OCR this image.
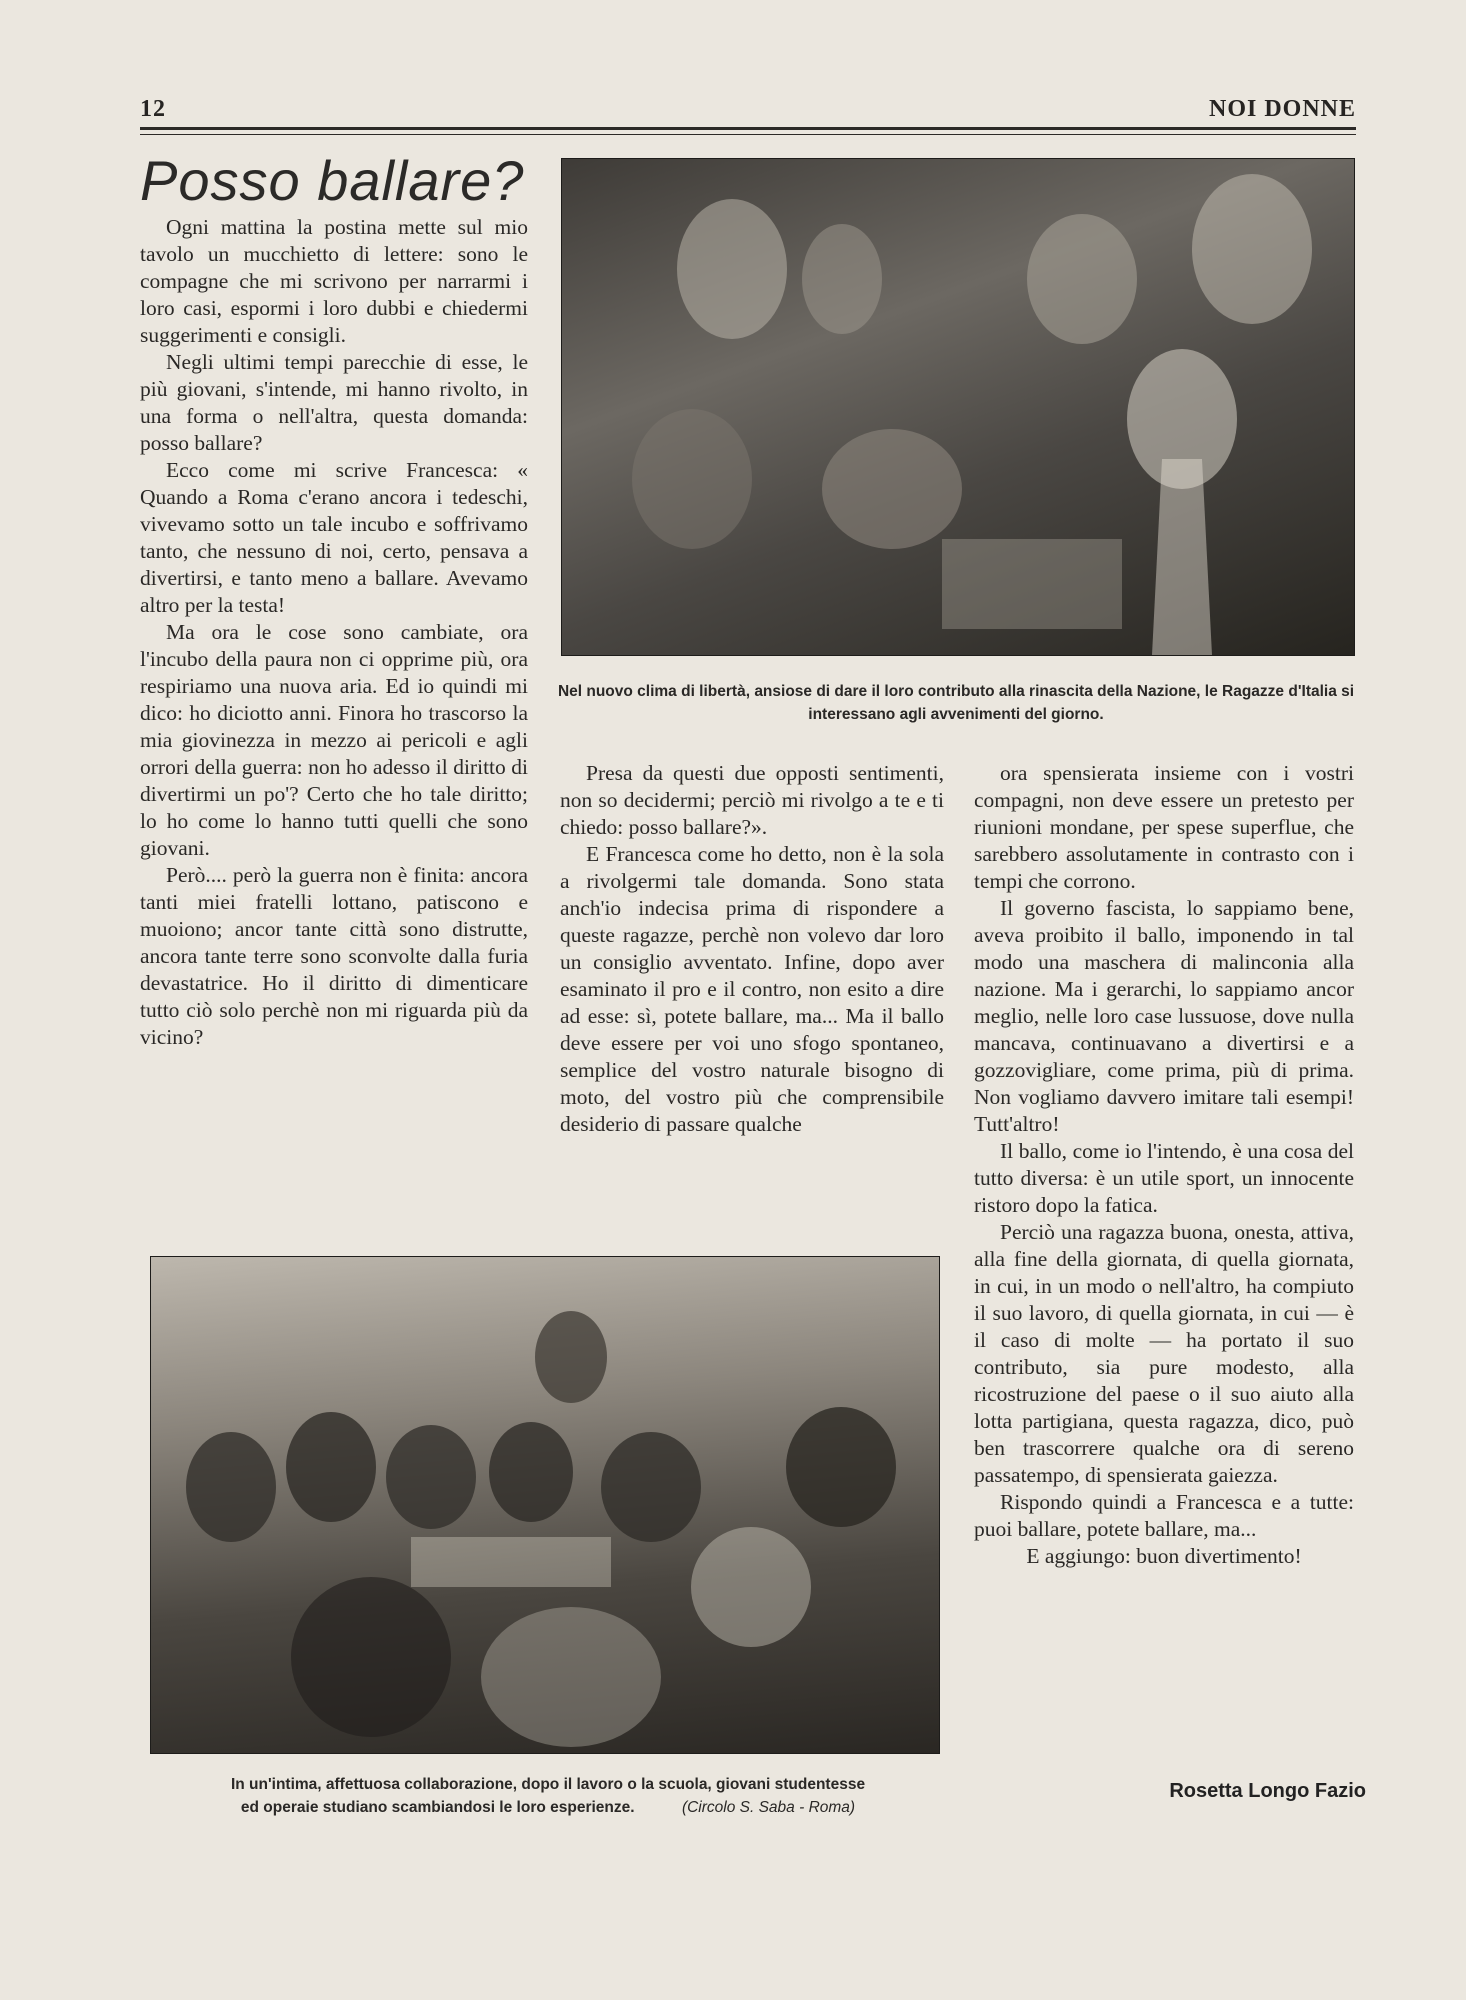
12	NOI DONNE
Posso ballare?

Ogni mattina la postina mette sul mio tavolo un mucchietto di lettere: sono le compagne che mi scrivono per narrarmi i loro casi, espormi i loro dubbi e chiedermi suggerimenti e consigli.

Negli ultimi tempi parecchie di esse, le più giovani, s'intende, mi hanno rivolto, in una forma o nell'altra, questa domanda: posso ballare?

Ecco come mi scrive Francesca: « Quando a Roma c'erano ancora i tedeschi, vivevamo sotto un tale incubo e soffrivamo tanto, che nessuno di noi, certo, pensava a divertirsi, e tanto meno a ballare. Avevamo altro per la testa!

Ma ora le cose sono cambiate, ora l'incubo della paura non ci opprime più, ora respiriamo una nuova aria. Ed io quindi mi dico: ho diciotto anni. Finora ho trascorso la mia giovinezza in mezzo ai pericoli e agli orrori della guerra: non ho adesso il diritto di divertirmi un po'? Certo che ho tale diritto; lo ho come lo hanno tutti quelli che sono giovani.

Però.... però la guerra non è finita: ancora tanti miei fratelli lottano, patiscono e muoiono; ancor tante città sono distrutte, ancora tante terre sono sconvolte dalla furia devastatrice. Ho il diritto di dimenticare tutto ciò solo perchè non mi riguarda più da vicino?

Nel nuovo clima di libertà, ansiose di dare il loro contributo alla rinascita della Nazione, le Ragazze d'Italia si interessano agli avvenimenti del giorno.

Presa da questi due opposti sentimenti, non so decidermi; perciò mi rivolgo a te e ti chiedo: posso ballare?».

E Francesca come ho detto, non è la sola a rivolgermi tale domanda. Sono stata anch'io indecisa prima di rispondere a queste ragazze, perchè non volevo dar loro un consiglio avventato. Infine, dopo aver esaminato il pro e il contro, non esito a dire ad esse: sì, potete ballare, ma... Ma il ballo deve essere per voi uno sfogo spontaneo, semplice del vostro naturale bisogno di moto, del vostro più che comprensibile desiderio di passare qualche

ora spensierata insieme con i vostri compagni, non deve essere un pretesto per riunioni mondane, per spese superflue, che sarebbero assolutamente in contrasto con i tempi che corrono.

Il governo fascista, lo sappiamo bene, aveva proibito il ballo, imponendo in tal modo una maschera di malinconia alla nazione. Ma i gerarchi, lo sappiamo ancor meglio, nelle loro case lussuose, dove nulla mancava, continuavano a divertirsi e a gozzovigliare, come prima, più di prima. Non vogliamo davvero imitare tali esempi! Tutt'altro!

Il ballo, come io l'intendo, è una cosa del tutto diversa: è un utile sport, un innocente ristoro dopo la fatica.

Perciò una ragazza buona, onesta, attiva, alla fine della giornata, di quella giornata, in cui, in un modo o nell'altro, ha compiuto il suo lavoro, di quella giornata, in cui — è il caso di molte — ha portato il suo contributo, sia pure modesto, alla ricostruzione del paese o il suo aiuto alla lotta partigiana, questa ragazza, dico, può ben trascorrere qualche ora di sereno passatempo, di spensierata gaiezza.

Rispondo quindi a Francesca e a tutte: puoi ballare, potete ballare, ma...

E aggiungo: buon divertimento!

Rosetta Longo Fazio
In un'intima, affettuosa collaborazione, dopo il lavoro o la scuola, giovani studentesse
ed operaie studiano scambiandosi le loro esperienze.	(Circolo S. Saba - Roma)
